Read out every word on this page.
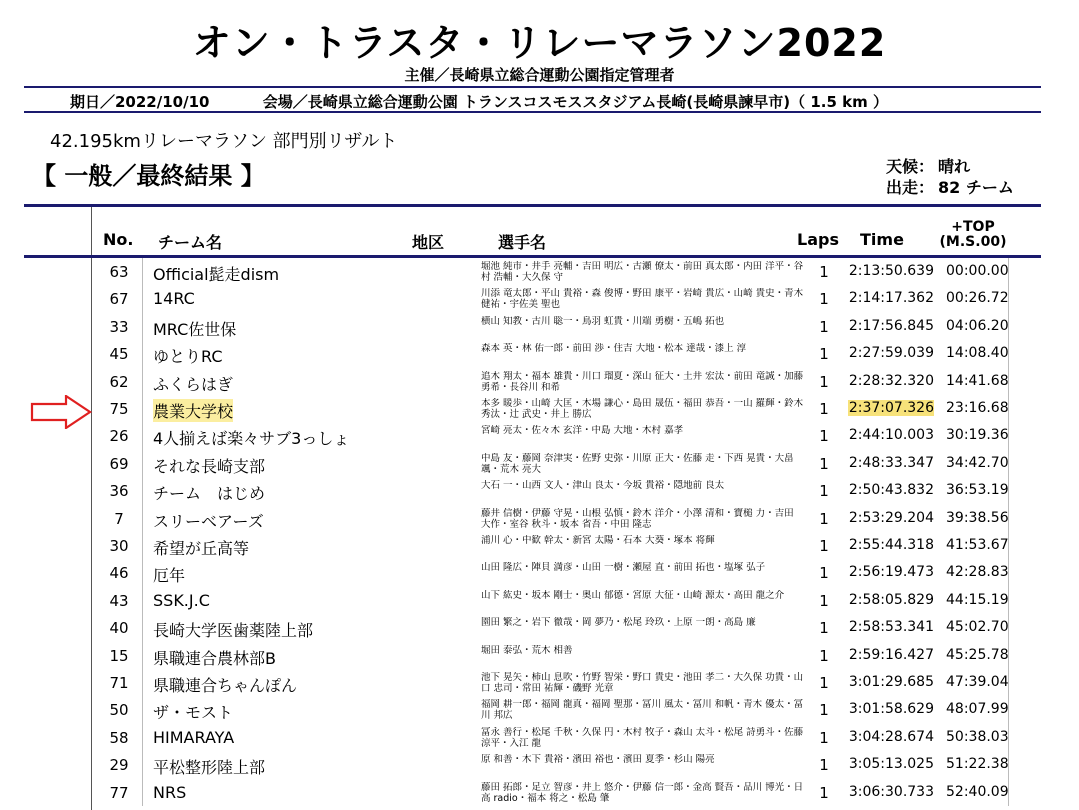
オン・トラスタ・リレーマラソン2022
主催／長崎県立総合運動公園指定管理者
期日／2022/10/10	会場／長崎県立総合運動公園 トランスコスモススタジアム長崎(長崎県諫早市)（ 1.5 km ）
42.195kmリレーマラソン 部門別リザルト
【 一般／最終結果 】	天候： 晴れ
出走： 82 チーム
No. チーム名	地区	選手名	Laps Time
+TOP
(M.S.00)
63	Official髭走dism	堀池 純市・井手 亮輔・吉田 明広・古瀬 僚太・前田 真太郎・内田 洋平・谷村 浩輔・大久保 守	1	2:13:50.639 00:00.00
67	14RC	川添 竜太郎・平山 貴裕・森 俊博・野田 康平・岩崎 貴広・山崎 貴史・青木 健祐・宇佐美 聖也	1	2:14:17.362 00:26.72
33	MRC佐世保	横山 知教・古川 聡一・鳥羽 虹貴・川端 勇樹・五嶋 拓也	1	2:17:56.845 04:06.20
45	ゆとりRC	森本 英・林 佑一郎・前田 渉・住吉 大地・松本 達哉・漆上 淳	1	2:27:59.039 14:08.40
62	ふくらはぎ	追木 翔太・福本 雄貴・川口 瑠夏・深山 征大・土井 宏汰・前田 竜誠・加藤 勇希・長谷川 和希	1	2:28:32.320 14:41.68
75	農業大学校	本多 暖歩・山崎 大匡・木場 謙心・島田 晟伍・福田 恭吾・一山 羅輝・鈴木 秀汰・辻 武史・井上 勝広	1	2:37:07.326 23:16.68
26	4人揃えば楽々サブ3っしょ	宮崎 亮太・佐々木 玄洋・中島 大地・木村 嘉孝	1	2:44:10.003 30:19.36
69	それな長崎支部	中島 友・藤岡 奈津実・佐野 史弥・川原 正大・佐藤 走・下西 晃貴・大畠 颯・荒木 亮大	1	2:48:33.347 34:42.70
36	チーム　はじめ	大石 一・山西 文人・津山 良太・今坂 貴裕・隠地前 良太	1	2:50:43.832 36:53.19
7	スリーベアーズ	藤井 信樹・伊藤 守晃・山根 弘慎・鈴木 洋介・小澤 清和・寶槌 力・吉田 大作・室谷 秋斗・坂本 省吾・中田 隆志	1	2:53:29.204 39:38.56
30	希望が丘高等	浦川 心・中歓 幹太・新宮 太陽・石本 大葵・塚本 将輝	1	2:55:44.318 41:53.67
46	厄年	山田 隆広・陣貝 満彦・山田 一樹・瀬屋 直・前田 拓也・塩塚 弘子	1	2:56:19.473 42:28.83
43	SSK.J.C	山下 紘史・坂本 剛士・奥山 郁德・宮原 大征・山崎 源太・高田 龍之介	1	2:58:05.829 44:15.19
40	長崎大学医歯薬陸上部	園田 繁之・岩下 徹哉・岡 夢乃・松尾 玲玖・上原 一朗・高島 廉	1	2:58:53.341 45:02.70
15	県職連合農林部B	堀田 泰弘・荒木 相善	1	2:59:16.427 45:25.78
71	県職連合ちゃんぽん	池下 晃矢・柿山 息吹・竹野 智栄・野口 貴史・池田 孝二・大久保 功貴・山口 忠司・常田 祐輝・磯野 光章	1	3:01:29.685 47:39.04
50	ザ・モスト	福岡 耕一郎・福岡 龍真・福岡 聖那・冨川 風太・冨川 和帆・青木 優太・冨川 邦広	1	3:01:58.629 48:07.99
58	HIMARAYA	冨永 善行・松尾 千秋・久保 円・木村 牧子・森山 太斗・松尾 詩勇斗・佐藤 涼平・入江 龍	1	3:04:28.674 50:38.03
29	平松整形陸上部	原 和善・木下 貴裕・濱田 裕也・濱田 夏季・杉山 陽亮	1	3:05:13.025 51:22.38
77	NRS	藤田 拓郎・足立 智彦・井上 悠介・伊藤 信一郎・金高 賢吾・品川 博光・日高 radio・福本 将之・松島 肇	1	3:06:30.733 52:40.09
